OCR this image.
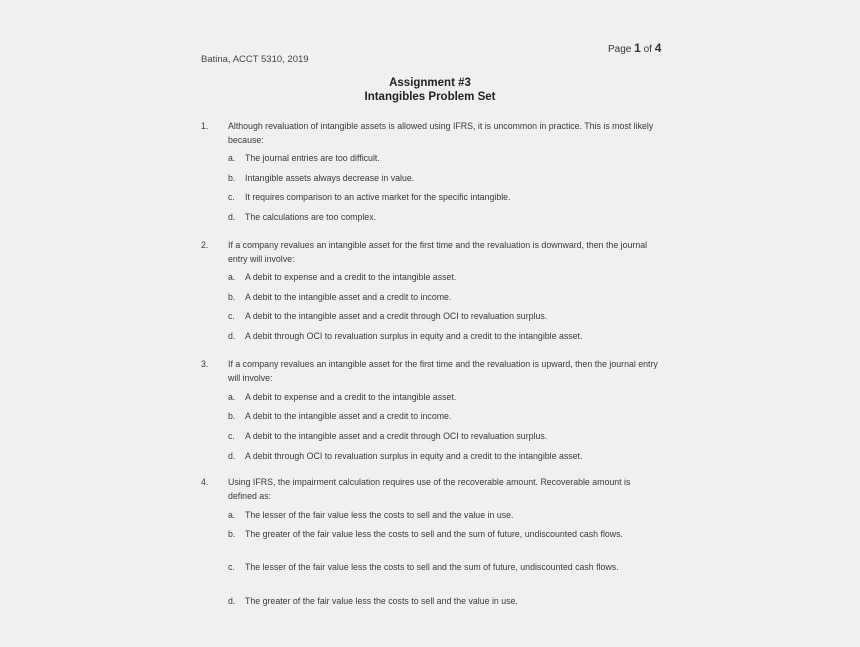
Page 1 of 4
Batina, ACCT 5310, 2019
Assignment #3
Intangibles Problem Set
1. Although revaluation of intangible assets is allowed using IFRS, it is uncommon in practice. This is most likely because:
a. The journal entries are too difficult.
b. Intangible assets always decrease in value.
c. It requires comparison to an active market for the specific intangible.
d. The calculations are too complex.
2. If a company revalues an intangible asset for the first time and the revaluation is downward, then the journal entry will involve:
a. A debit to expense and a credit to the intangible asset.
b. A debit to the intangible asset and a credit to income.
c. A debit to the intangible asset and a credit through OCI to revaluation surplus.
d. A debit through OCI to revaluation surplus in equity and a credit to the intangible asset.
3. If a company revalues an intangible asset for the first time and the revaluation is upward, then the journal entry will involve:
a. A debit to expense and a credit to the intangible asset.
b. A debit to the intangible asset and a credit to income.
c. A debit to the intangible asset and a credit through OCI to revaluation surplus.
d. A debit through OCI to revaluation surplus in equity and a credit to the intangible asset.
4. Using IFRS, the impairment calculation requires use of the recoverable amount. Recoverable amount is defined as:
a. The lesser of the fair value less the costs to sell and the value in use.
b. The greater of the fair value less the costs to sell and the sum of future, undiscounted cash flows.
c. The lesser of the fair value less the costs to sell and the sum of future, undiscounted cash flows.
d. The greater of the fair value less the costs to sell and the value in use.
